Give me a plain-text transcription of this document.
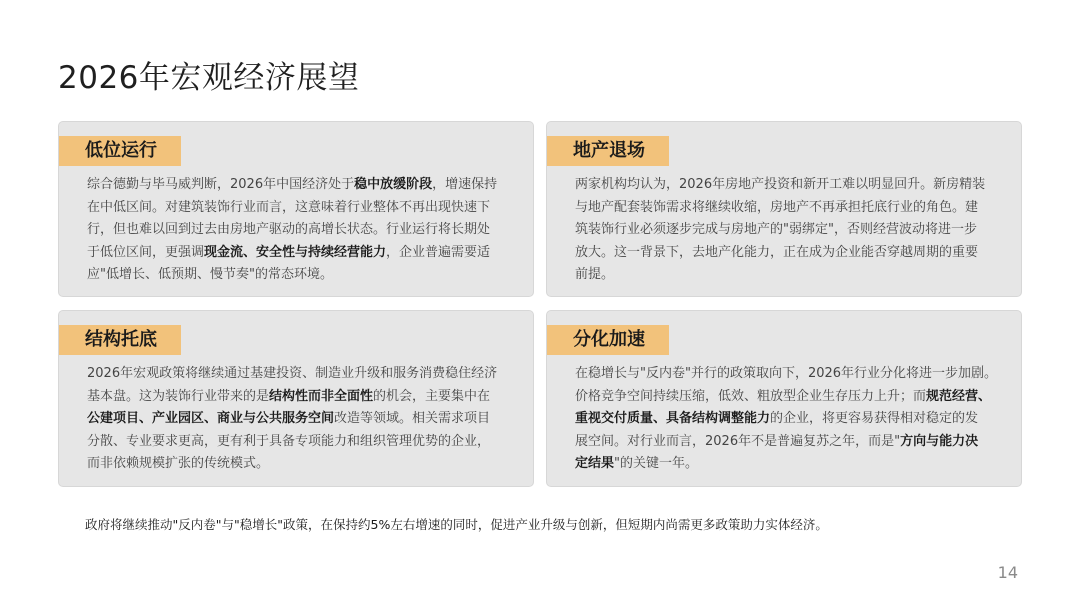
2026年宏观经济展望
低位运行
综合德勤与毕马威判断，2026年中国经济处于稳中放缓阶段，增速保持
在中低区间。对建筑装饰行业而言，这意味着行业整体不再出现快速下
行，但也难以回到过去由房地产驱动的高增长状态。行业运行将长期处
于低位区间，更强调现金流、安全性与持续经营能力，企业普遍需要适
应"低增长、低预期、慢节奏"的常态环境。
地产退场
两家机构均认为，2026年房地产投资和新开工难以明显回升。新房精装
与地产配套装饰需求将继续收缩，房地产不再承担托底行业的角色。建
筑装饰行业必须逐步完成与房地产的"弱绑定"，否则经营波动将进一步
放大。这一背景下，去地产化能力，正在成为企业能否穿越周期的重要
前提。
结构托底
2026年宏观政策将继续通过基建投资、制造业升级和服务消费稳住经济
基本盘。这为装饰行业带来的是结构性而非全面性的机会，主要集中在
公建项目、产业园区、商业与公共服务空间改造等领域。相关需求项目
分散、专业要求更高，更有利于具备专项能力和组织管理优势的企业，
而非依赖规模扩张的传统模式。
分化加速
在稳增长与"反内卷"并行的政策取向下，2026年行业分化将进一步加剧。
价格竞争空间持续压缩，低效、粗放型企业生存压力上升；而规范经营、
重视交付质量、具备结构调整能力的企业，将更容易获得相对稳定的发
展空间。对行业而言，2026年不是普遍复苏之年，而是"方向与能力决
定结果"的关键一年。

政府将继续推动"反内卷"与"稳增长"政策，在保持约5%左右增速的同时，促进产业升级与创新，但短期内尚需更多政策助力实体经济。

14
